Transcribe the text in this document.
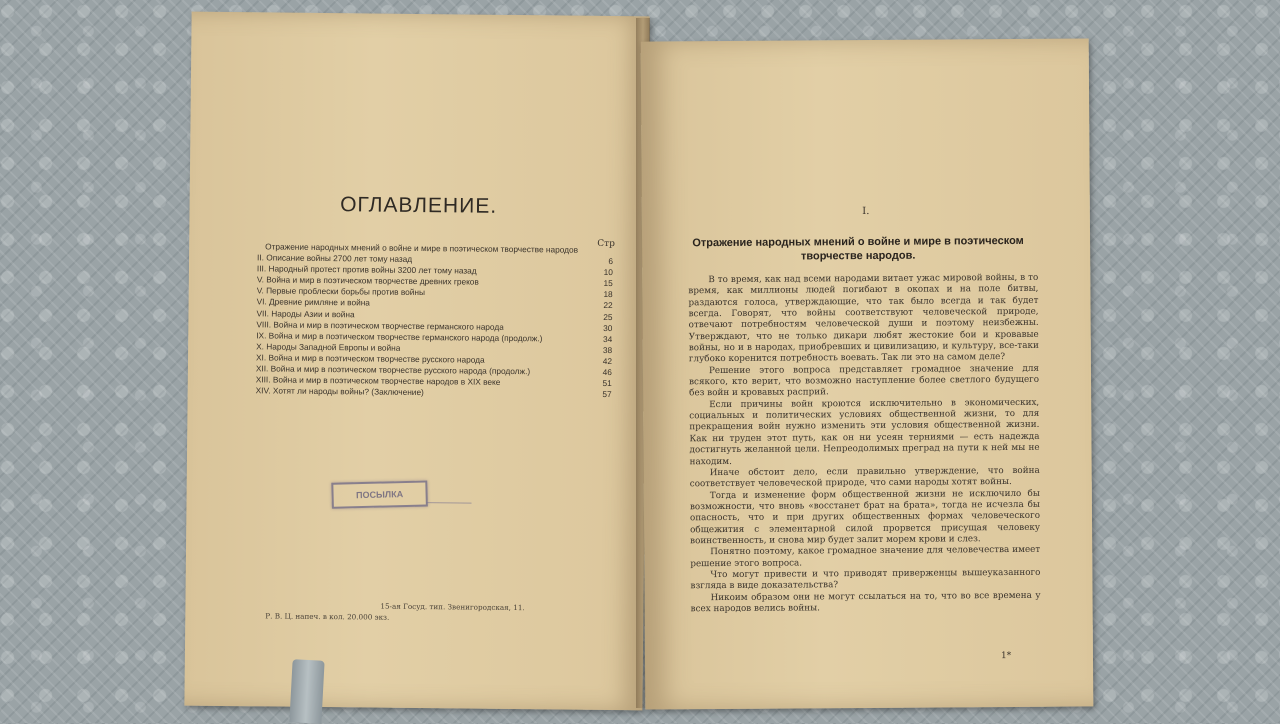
ОГЛАВЛЕНИЕ.
Стр
Отражение народных мнений о войне и мире в поэтическом творчестве народов
II. Описание войны 2700 лет тому назад	6
III. Народный протест против войны 3200 лет тому назад	10
V. Война и мир в поэтическом творчестве древних греков	15
V. Первые проблески борьбы против войны	18
VI. Древние римляне и война	22
VII. Народы Азии и война	25
VIII. Война и мир в поэтическом творчестве германского народа	30
IX. Война и мир в поэтическом творчестве германского народа (продолж.)	34
X. Народы Западной Европы и война	38
XI. Война и мир в поэтическом творчестве русского народа	42
XII. Война и мир в поэтическом творчестве русского народа (продолж.)	46
XIII. Война и мир в поэтическом творчестве народов в XIX веке	51
XIV. Хотят ли народы войны? (Заключение)	57
ПОСЫЛКА
15-ая Госуд. тип. Звенигородская, 11.
Р. В. Ц. напеч. в кол. 20.000 экз.
I.
Отражение народных мнений о войне и мире в поэтическом творчестве народов.

В то время, как над всеми народами витает ужас мировой войны, в то время, как миллионы людей погибают в окопах и на поле битвы, раздаются голоса, утверждающие, что так было всегда и так будет всегда. Говорят, что войны соответствуют человеческой природе, отвечают потребностям человеческой души и поэтому неизбежны. Утверждают, что не только дикари любят жестокие бои и кровавые войны, но и в народах, приобревших и цивилизацию, и культуру, все-таки глубоко коренится потребность воевать. Так ли это на самом деле?

Решение этого вопроса представляет громадное значение для всякого, кто верит, что возможно наступление более светлого будущего без войн и кровавых расприй.

Если причины войн кроются исключительно в экономических, социальных и политических условиях общественной жизни, то для прекращения войн нужно изменить эти условия общественной жизни. Как ни труден этот путь, как он ни усеян терниями — есть надежда достигнуть желанной цели. Непреодолимых преград на пути к ней мы не находим.

Иначе обстоит дело, если правильно утверждение, что война соответствует человеческой природе, что сами народы хотят войны.

Тогда и изменение форм общественной жизни не исключило бы возможности, что вновь «восстанет брат на брата», тогда не исчезла бы опасность, что и при других общественных формах человеческого общежития с элементарной силой прорвется присущая человеку воинственность, и снова мир будет залит морем крови и слез.

Понятно поэтому, какое громадное значение для человечества имеет решение этого вопроса.

Что могут привести и что приводят приверженцы вышеуказанного взгляда в виде доказательства?

Никоим образом они не могут ссылаться на то, что во все времена у всех народов велись войны.

1*
